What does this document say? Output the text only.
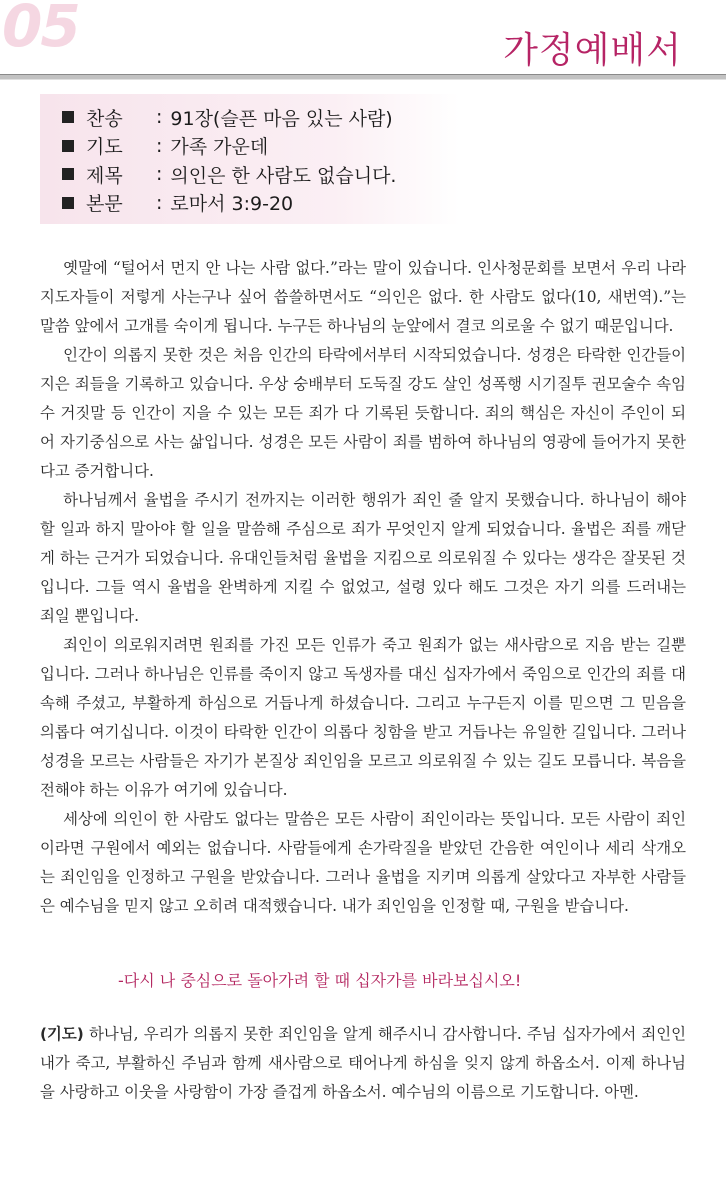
05	가정예배서
찬송	: 91장(슬픈 마음 있는 사람)
기도	: 가족 가운데
제목	: 의인은 한 사람도 없습니다.
본문	: 로마서 3:9-20

옛말에 “털어서 먼지 안 나는 사람 없다.”라는 말이 있습니다. 인사청문회를 보면서 우리 나라 지도자들이 저렇게 사는구나 싶어 씁쓸하면서도 “의인은 없다. 한 사람도 없다(10, 새번역).”는 말씀 앞에서 고개를 숙이게 됩니다. 누구든 하나님의 눈앞에서 결코 의로울 수 없기 때문입니다.

인간이 의롭지 못한 것은 처음 인간의 타락에서부터 시작되었습니다. 성경은 타락한 인간들이 지은 죄들을 기록하고 있습니다. 우상 숭배부터 도둑질 강도 살인 성폭행 시기질투 권모술수 속임수 거짓말 등 인간이 지을 수 있는 모든 죄가 다 기록된 듯합니다. 죄의 핵심은 자신이 주인이 되어 자기중심으로 사는 삶입니다. 성경은 모든 사람이 죄를 범하여 하나님의 영광에 들어가지 못한다고 증거합니다.

하나님께서 율법을 주시기 전까지는 이러한 행위가 죄인 줄 알지 못했습니다. 하나님이 해야 할 일과 하지 말아야 할 일을 말씀해 주심으로 죄가 무엇인지 알게 되었습니다. 율법은 죄를 깨닫게 하는 근거가 되었습니다. 유대인들처럼 율법을 지킴으로 의로워질 수 있다는 생각은 잘못된 것입니다. 그들 역시 율법을 완벽하게 지킬 수 없었고, 설령 있다 해도 그것은 자기 의를 드러내는 죄일 뿐입니다.

죄인이 의로워지려면 원죄를 가진 모든 인류가 죽고 원죄가 없는 새사람으로 지음 받는 길뿐입니다. 그러나 하나님은 인류를 죽이지 않고 독생자를 대신 십자가에서 죽임으로 인간의 죄를 대속해 주셨고, 부활하게 하심으로 거듭나게 하셨습니다. 그리고 누구든지 이를 믿으면 그 믿음을 의롭다 여기십니다. 이것이 타락한 인간이 의롭다 칭함을 받고 거듭나는 유일한 길입니다. 그러나 성경을 모르는 사람들은 자기가 본질상 죄인임을 모르고 의로워질 수 있는 길도 모릅니다. 복음을 전해야 하는 이유가 여기에 있습니다.

세상에 의인이 한 사람도 없다는 말씀은 모든 사람이 죄인이라는 뜻입니다. 모든 사람이 죄인이라면 구원에서 예외는 없습니다. 사람들에게 손가락질을 받았던 간음한 여인이나 세리 삭개오는 죄인임을 인정하고 구원을 받았습니다. 그러나 율법을 지키며 의롭게 살았다고 자부한 사람들은 예수님을 믿지 않고 오히려 대적했습니다. 내가 죄인임을 인정할 때, 구원을 받습니다.

-다시 나 중심으로 돌아가려 할 때 십자가를 바라보십시오!

(기도) 하나님, 우리가 의롭지 못한 죄인임을 알게 해주시니 감사합니다. 주님 십자가에서 죄인인 내가 죽고, 부활하신 주님과 함께 새사람으로 태어나게 하심을 잊지 않게 하옵소서. 이제 하나님을 사랑하고 이웃을 사랑함이 가장 즐겁게 하옵소서. 예수님의 이름으로 기도합니다. 아멘.
